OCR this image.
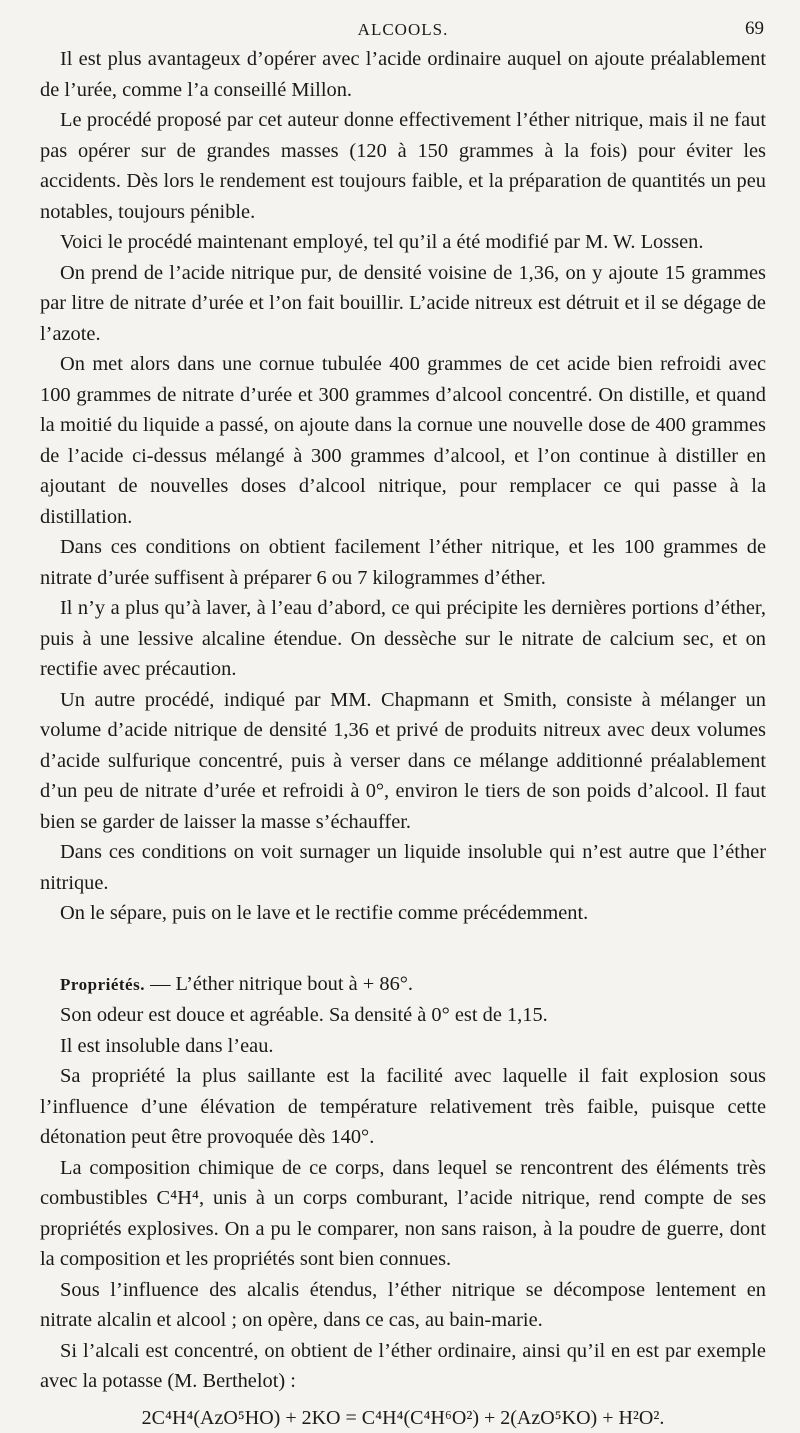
ALCOOLS.	69

Il est plus avantageux d’opérer avec l’acide ordinaire auquel on ajoute préalablement de l’urée, comme l’a conseillé Millon.

Le procédé proposé par cet auteur donne effectivement l’éther nitrique, mais il ne faut pas opérer sur de grandes masses (120 à 150 grammes à la fois) pour éviter les accidents. Dès lors le rendement est toujours faible, et la préparation de quantités un peu notables, toujours pénible.

Voici le procédé maintenant employé, tel qu’il a été modifié par M. W. Lossen.

On prend de l’acide nitrique pur, de densité voisine de 1,36, on y ajoute 15 grammes par litre de nitrate d’urée et l’on fait bouillir. L’acide nitreux est détruit et il se dégage de l’azote.

On met alors dans une cornue tubulée 400 grammes de cet acide bien refroidi avec 100 grammes de nitrate d’urée et 300 grammes d’alcool concentré. On distille, et quand la moitié du liquide a passé, on ajoute dans la cornue une nouvelle dose de 400 grammes de l’acide ci-dessus mélangé à 300 grammes d’alcool, et l’on continue à distiller en ajoutant de nouvelles doses d’alcool nitrique, pour remplacer ce qui passe à la distillation.

Dans ces conditions on obtient facilement l’éther nitrique, et les 100 grammes de nitrate d’urée suffisent à préparer 6 ou 7 kilogrammes d’éther.

Il n’y a plus qu’à laver, à l’eau d’abord, ce qui précipite les dernières portions d’éther, puis à une lessive alcaline étendue. On dessèche sur le nitrate de calcium sec, et on rectifie avec précaution.

Un autre procédé, indiqué par MM. Chapmann et Smith, consiste à mélanger un volume d’acide nitrique de densité 1,36 et privé de produits nitreux avec deux volumes d’acide sulfurique concentré, puis à verser dans ce mélange additionné préalablement d’un peu de nitrate d’urée et refroidi à 0°, environ le tiers de son poids d’alcool. Il faut bien se garder de laisser la masse s’échauffer.

Dans ces conditions on voit surnager un liquide insoluble qui n’est autre que l’éther nitrique.

On le sépare, puis on le lave et le rectifie comme précédemment.

Propriétés. — L’éther nitrique bout à + 86°.

Son odeur est douce et agréable. Sa densité à 0° est de 1,15.

Il est insoluble dans l’eau.

Sa propriété la plus saillante est la facilité avec laquelle il fait explosion sous l’influence d’une élévation de température relativement très faible, puisque cette détonation peut être provoquée dès 140°.

La composition chimique de ce corps, dans lequel se rencontrent des éléments très combustibles C⁴H⁴, unis à un corps comburant, l’acide nitrique, rend compte de ses propriétés explosives. On a pu le comparer, non sans raison, à la poudre de guerre, dont la composition et les propriétés sont bien connues.

Sous l’influence des alcalis étendus, l’éther nitrique se décompose lentement en nitrate alcalin et alcool ; on opère, dans ce cas, au bain-marie.

Si l’alcali est concentré, on obtient de l’éther ordinaire, ainsi qu’il en est par exemple avec la potasse (M. Berthelot) :

2C⁴H⁴(AzO⁵HO) + 2KO = C⁴H⁴(C⁴H⁶O²) + 2(AzO⁵KO) + H²O².
